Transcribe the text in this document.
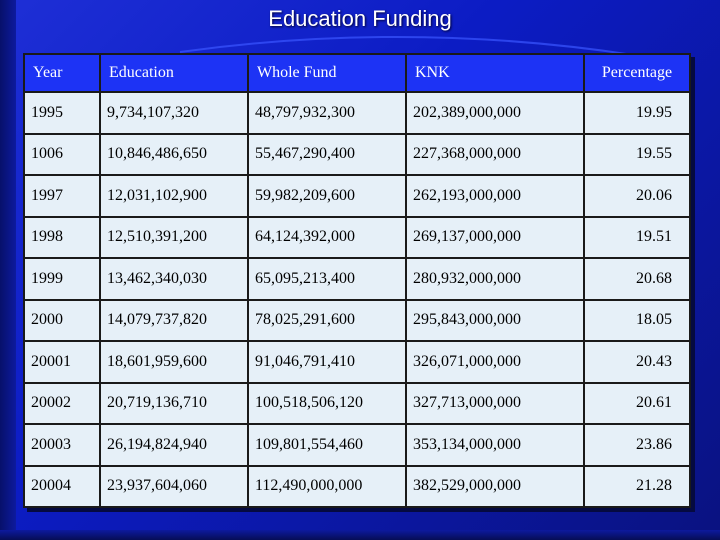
Education Funding
Year	Education	Whole Fund	KNK	Percentage
1995	9,734,107,320	48,797,932,300	202,389,000,000	19.95
1006	10,846,486,650	55,467,290,400	227,368,000,000	19.55
1997	12,031,102,900	59,982,209,600	262,193,000,000	20.06
1998	12,510,391,200	64,124,392,000	269,137,000,000	19.51
1999	13,462,340,030	65,095,213,400	280,932,000,000	20.68
2000	14,079,737,820	78,025,291,600	295,843,000,000	18.05
20001	18,601,959,600	91,046,791,410	326,071,000,000	20.43
20002	20,719,136,710	100,518,506,120	327,713,000,000	20.61
20003	26,194,824,940	109,801,554,460	353,134,000,000	23.86
20004	23,937,604,060	112,490,000,000	382,529,000,000	21.28
